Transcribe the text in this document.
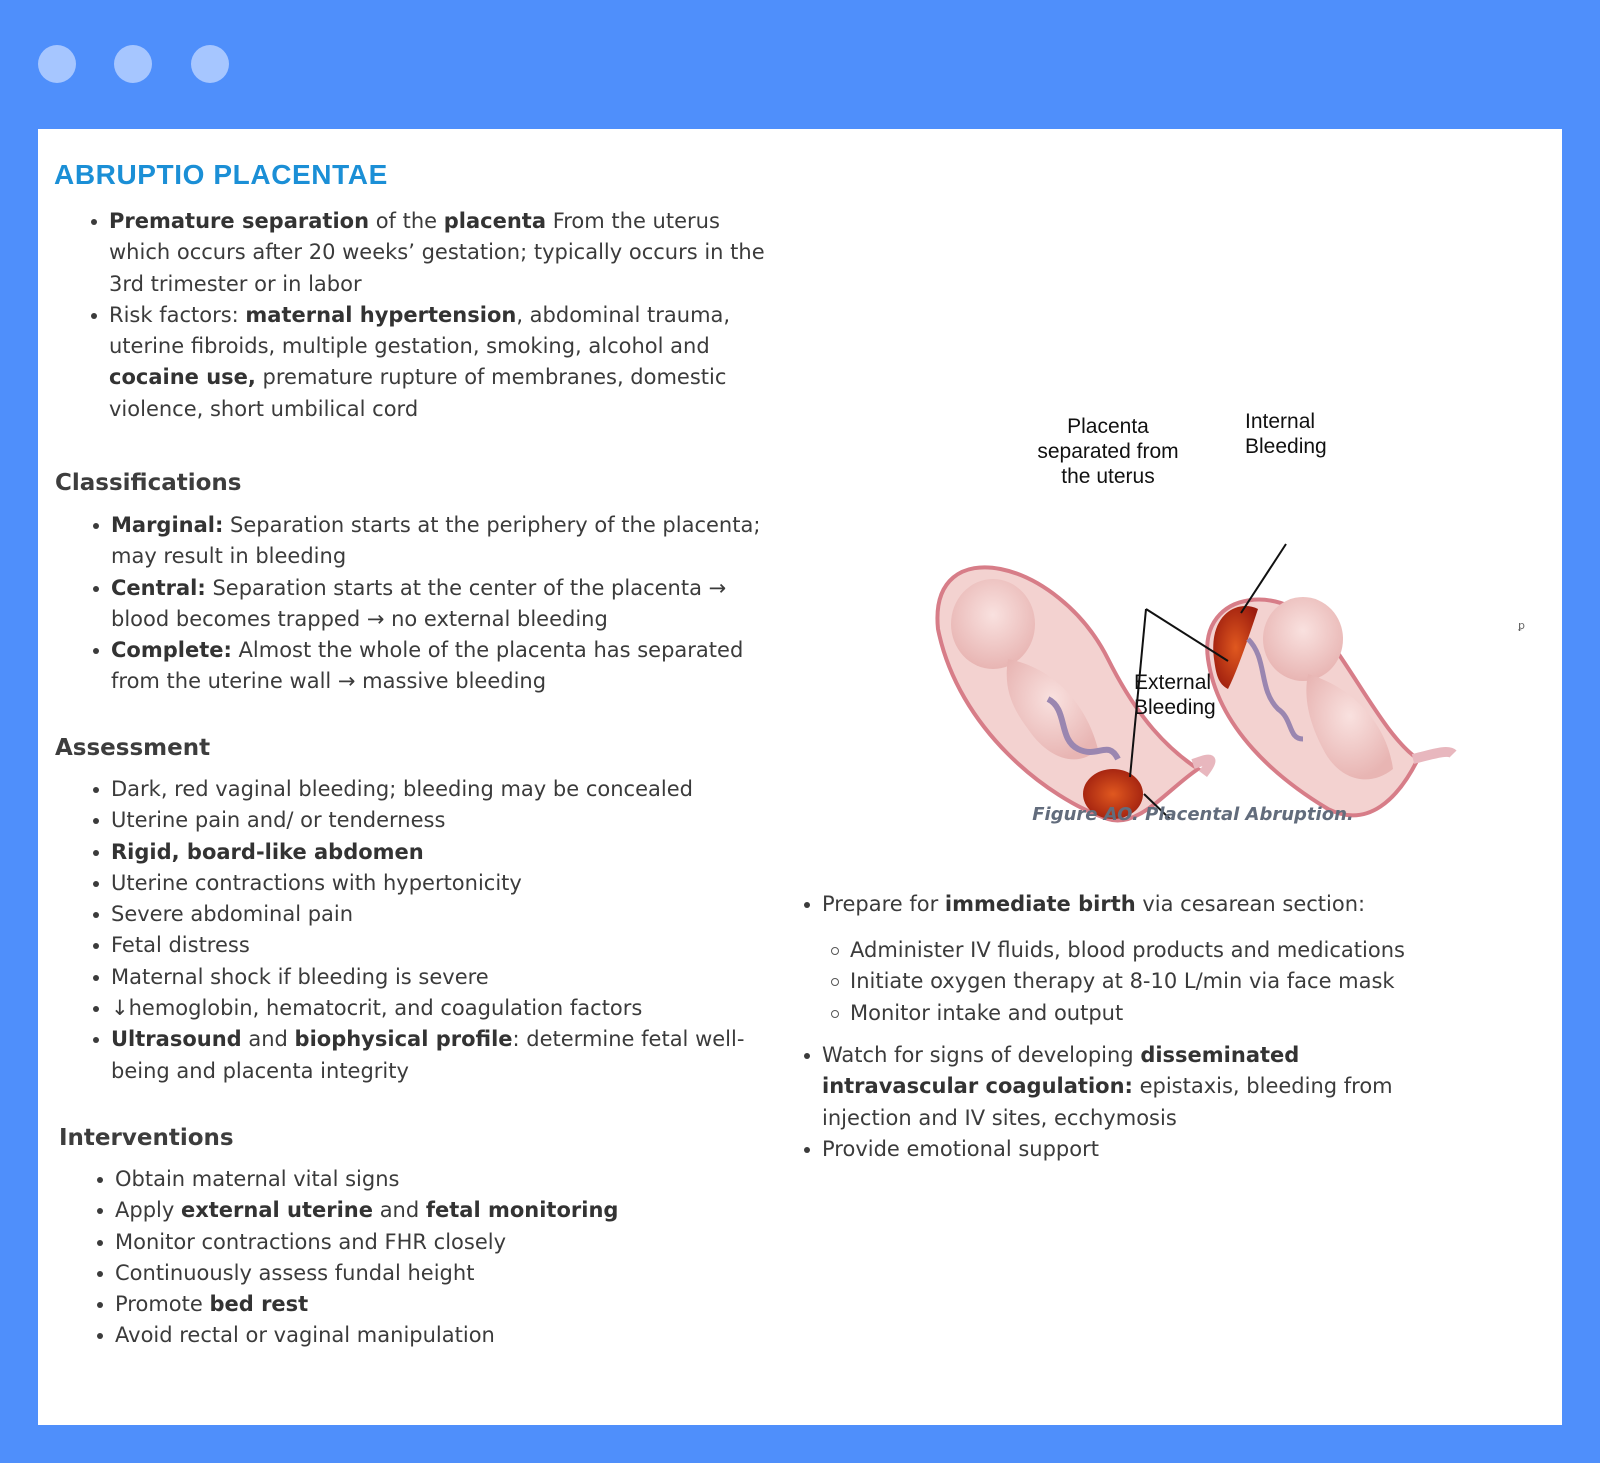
ABRUPTIO PLACENTAE
Premature separation of the placenta From the uterus which occurs after 20 weeks’ gestation; typically occurs in the 3rd trimester or in labor
Risk factors: maternal hypertension, abdominal trauma, uterine fibroids, multiple gestation, smoking, alcohol and cocaine use, premature rupture of membranes, domestic violence, short umbilical cord
Classifications
Marginal: Separation starts at the periphery of the placenta; may result in bleeding
Central: Separation starts at the center of the placenta → blood becomes trapped → no external bleeding
Complete: Almost the whole of the placenta has separated from the uterine wall → massive bleeding
Assessment
Dark, red vaginal bleeding; bleeding may be concealed
Uterine pain and/ or tenderness
Rigid, board-like abdomen
Uterine contractions with hypertonicity
Severe abdominal pain
Fetal distress
Maternal shock if bleeding is severe
↓hemoglobin, hematocrit, and coagulation factors
Ultrasound and biophysical profile: determine fetal well-being and placenta integrity
Interventions
Obtain maternal vital signs
Apply external uterine and fetal monitoring
Monitor contractions and FHR closely
Continuously assess fundal height
Promote bed rest
Avoid rectal or vaginal manipulation
Placenta
separated from
the uterus
Internal
Bleeding
External
Bleeding
ꝑ
Figure AO. Placental Abruption.
Prepare for immediate birth via cesarean section:
Administer IV fluids, blood products and medications
Initiate oxygen therapy at 8-10 L/min via face mask
Monitor intake and output
Watch for signs of developing disseminated intravascular coagulation: epistaxis, bleeding from injection and IV sites, ecchymosis
Provide emotional support
